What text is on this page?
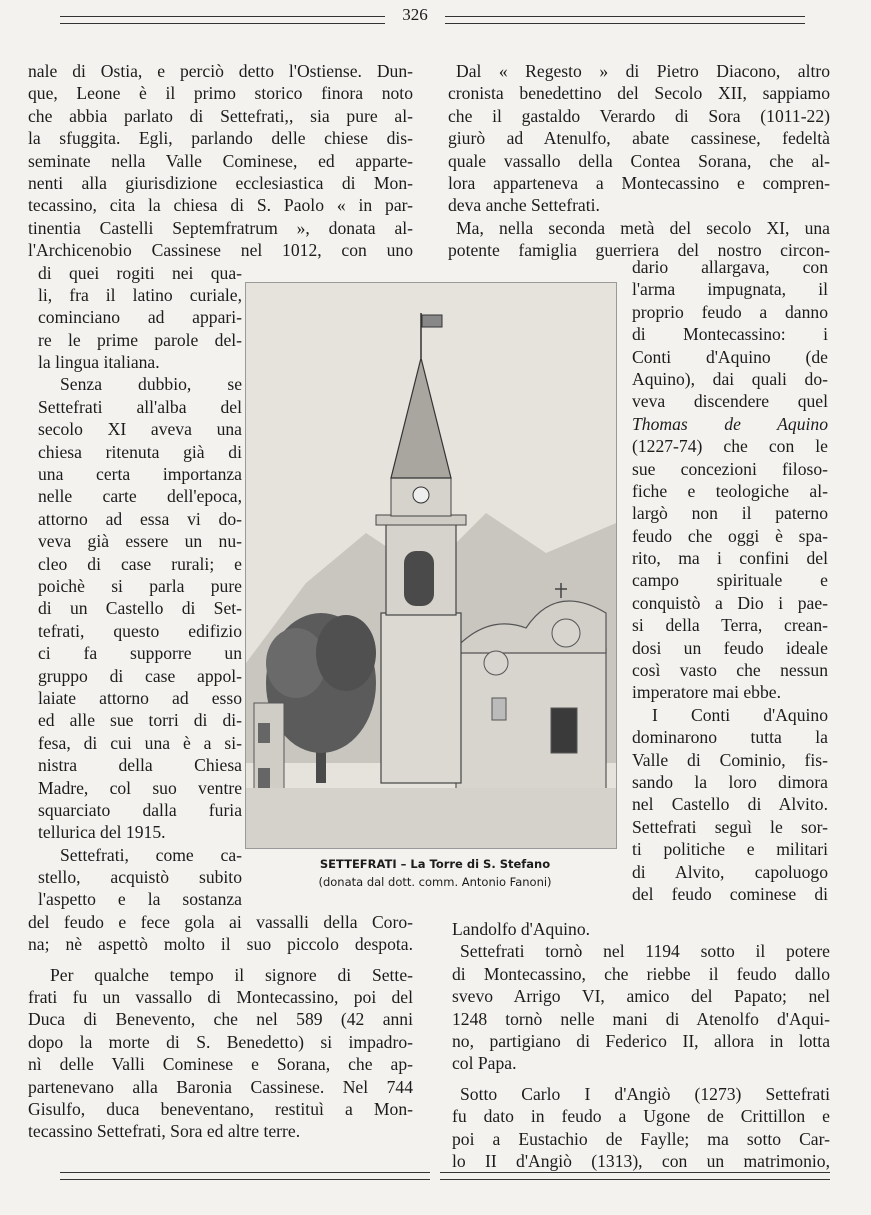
326
nale di Ostia, e perciò detto l'Ostiense. Dun-
que, Leone è il primo storico finora noto
che abbia parlato di Settefrati,, sia pure al-
la sfuggita. Egli, parlando delle chiese dis-
seminate nella Valle Cominese, ed apparte-
nenti alla giurisdizione ecclesiastica di Mon-
tecassino, cita la chiesa di S. Paolo « in par-
tinentia Castelli Septemfratrum », donata al-
l'Archicenobio Cassinese nel 1012, con uno
di quei rogiti nei qua-
li, fra il latino curiale,
cominciano ad appari-
re le prime parole del-
la lingua italiana.
Senza dubbio, se
Settefrati all'alba del
secolo XI aveva una
chiesa ritenuta già di
una certa importanza
nelle carte dell'epoca,
attorno ad essa vi do-
veva già essere un nu-
cleo di case rurali; e
poichè si parla pure
di un Castello di Set-
tefrati, questo edifizio
ci fa supporre un
gruppo di case appol-
laiate attorno ad esso
ed alle sue torri di di-
fesa, di cui una è a si-
nistra della Chiesa
Madre, col suo ventre
squarciato dalla furia
tellurica del 1915.
Settefrati, come ca-
stello, acquistò subito
l'aspetto e la sostanza
del feudo e fece gola ai vassalli della Coro-
na; nè aspettò molto il suo piccolo despota.
Per qualche tempo il signore di Sette-
frati fu un vassallo di Montecassino, poi del
Duca di Benevento, che nel 589 (42 anni
dopo la morte di S. Benedetto) si impadro-
nì delle Valli Cominese e Sorana, che ap-
partenevano alla Baronia Cassinese. Nel 744
Gisulfo, duca beneventano, restituì a Mon-
tecassino Settefrati, Sora ed altre terre.
Dal « Regesto » di Pietro Diacono, altro
cronista benedettino del Secolo XII, sappiamo
che il gastaldo Verardo di Sora (1011-22)
giurò ad Atenulfo, abate cassinese, fedeltà
quale vassallo della Contea Sorana, che al-
lora apparteneva a Montecassino e compren-
deva anche Settefrati.
Ma, nella seconda metà del secolo XI, una
potente famiglia guerriera del nostro circon-
dario allargava, con
l'arma impugnata, il
proprio feudo a danno
di Montecassino: i
Conti d'Aquino (de
Aquino), dai quali do-
veva discendere quel
Thomas de Aquino
(1227-74) che con le
sue concezioni filoso-
fiche e teologiche al-
largò non il paterno
feudo che oggi è spa-
rito, ma i confini del
campo spirituale e
conquistò a Dio i pae-
si della Terra, crean-
dosi un feudo ideale
così vasto che nessun
imperatore mai ebbe.
I Conti d'Aquino
dominarono tutta la
Valle di Cominio, fis-
sando la loro dimora
nel Castello di Alvito.
Settefrati seguì le sor-
ti politiche e militari
di Alvito, capoluogo
del feudo cominese di
Landolfo d'Aquino.
Settefrati tornò nel 1194 sotto il potere
di Montecassino, che riebbe il feudo dallo
svevo Arrigo VI, amico del Papato; nel
1248 tornò nelle mani di Atenolfo d'Aqui-
no, partigiano di Federico II, allora in lotta
col Papa.
Sotto Carlo I d'Angiò (1273) Settefrati
fu dato in feudo a Ugone de Crittillon e
poi a Eustachio de Faylle; ma sotto Car-
lo II d'Angiò (1313), con un matrimonio,
SETTEFRATI – La Torre di S. Stefano
(donata dal dott. comm. Antonio Fanoni)
